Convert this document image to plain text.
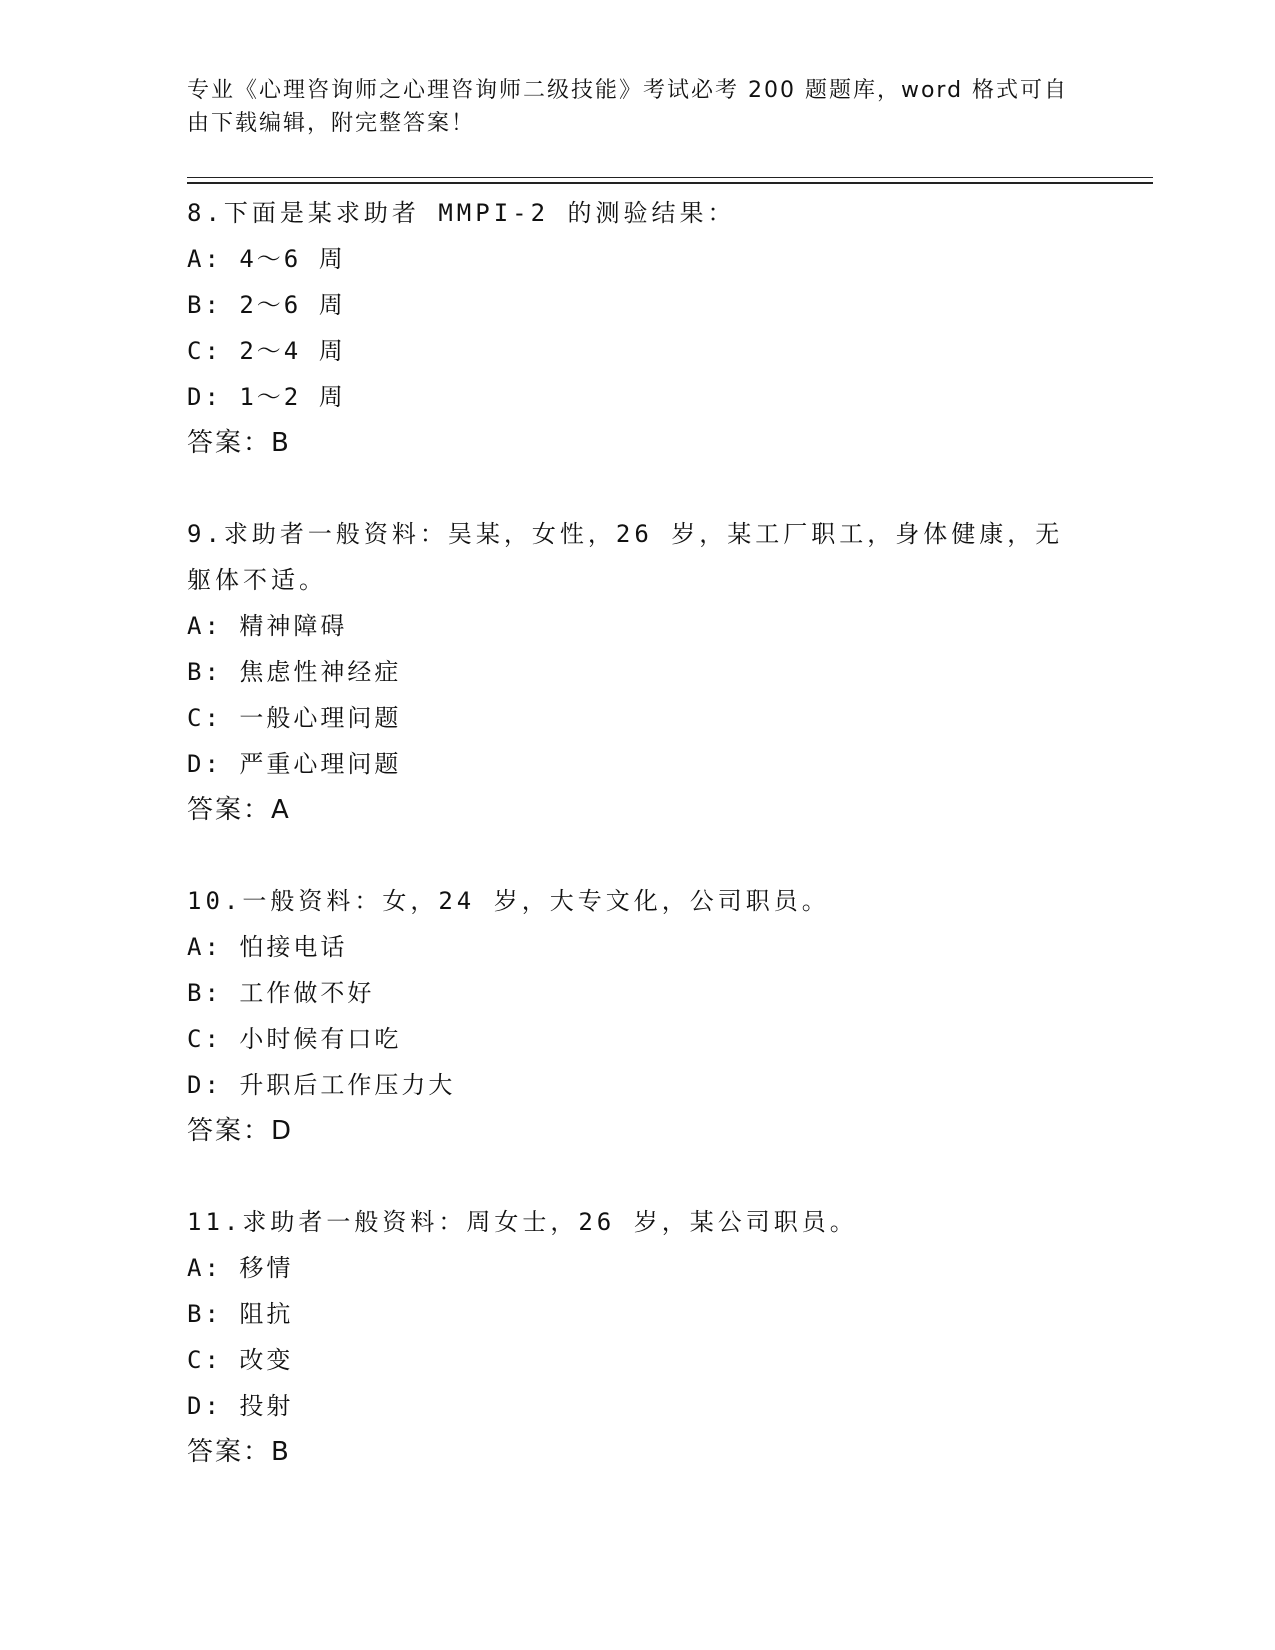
专业《心理咨询师之心理咨询师二级技能》考试必考 200 题题库，word 格式可自
由下载编辑，附完整答案！

8.下面是某求助者 MMPI-2 的测验结果：

A: 4～6 周

B: 2～6 周

C: 2～4 周

D: 1～2 周

答案：B

9.求助者一般资料：吴某，女性，26 岁，某工厂职工，身体健康，无

躯体不适。

A: 精神障碍

B: 焦虑性神经症

C: 一般心理问题

D: 严重心理问题

答案：A

10.一般资料：女，24 岁，大专文化，公司职员。

A: 怕接电话

B: 工作做不好

C: 小时候有口吃

D: 升职后工作压力大

答案：D

11.求助者一般资料：周女士，26 岁，某公司职员。

A: 移情

B: 阻抗

C: 改变

D: 投射

答案：B
